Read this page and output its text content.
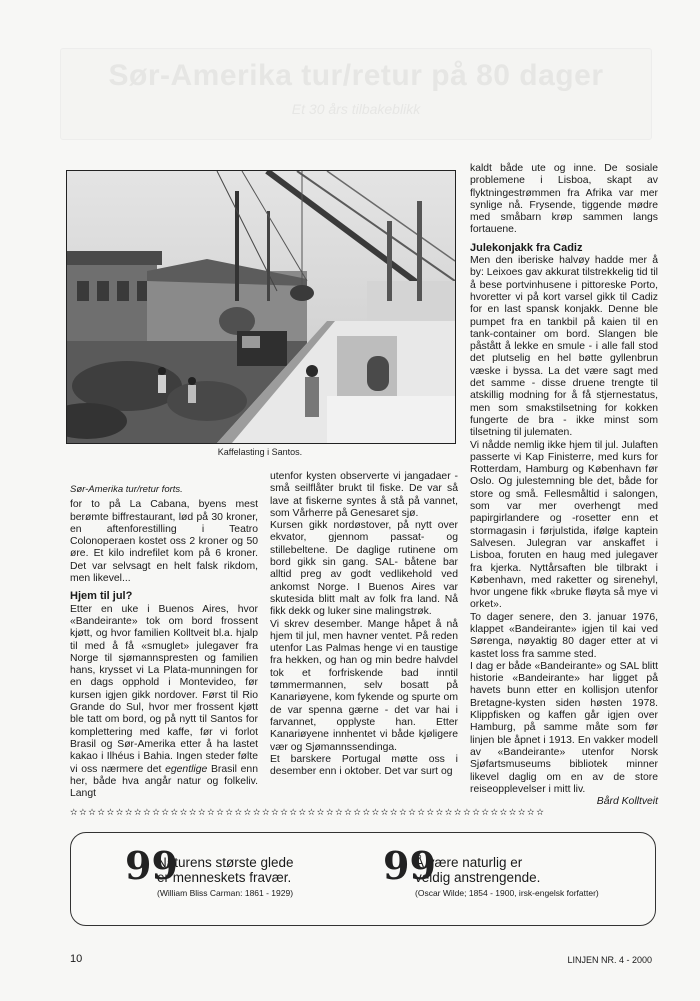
Sør-Amerika tur/retur på 80 dager
Et 30 års tilbakeblikk
Kaffelasting i Santos.

Sør-Amerika tur/retur forts.

for to på La Cabana, byens mest berømte biffrestaurant, lød på 30 kroner, en aftenforestilling i Teatro Colonoperaen kostet oss 2 kroner og 50 øre. Et kilo indrefilet kom på 6 kroner. Det var selvsagt en helt falsk rikdom, men likevel...

Hjem til jul?

Etter en uke i Buenos Aires, hvor «Bandeirante» tok om bord frossent kjøtt, og hvor familien Kolltveit bl.a. hjalp til med å få «smuglet» julegaver fra Norge til sjømannspresten og familien hans, krysset vi La Plata-munningen for en dags opphold i Montevideo, før kursen igjen gikk nordover. Først til Rio Grande do Sul, hvor mer frossent kjøtt ble tatt om bord, og på nytt til Santos for komplettering med kaffe, før vi forlot Brasil og Sør-Amerika etter å ha lastet kakao i Ilhéus i Bahia. Ingen steder følte vi oss nærmere det egentlige Brasil enn her, både hva angår natur og folkeliv. Langt

utenfor kysten observerte vi jangadaer - små seilflåter brukt til fiske. De var så lave at fiskerne syntes å stå på vannet, som Vårherre på Genesaret sjø.

Kursen gikk nordøstover, på nytt over ekvator, gjennom passat- og stillebeltene. De daglige rutinene om bord gikk sin gang. SAL- båtene bar alltid preg av godt vedlikehold ved ankomst Norge. I Buenos Aires var skutesida blitt malt av folk fra land. Nå fikk dekk og luker sine malingstrøk.

Vi skrev desember. Mange håpet å nå hjem til jul, men havner ventet. På reden utenfor Las Palmas henge vi en taustige fra hekken, og han og min bedre halvdel tok et forfriskende bad inntil tømmermannen, selv bosatt på Kanariøyene, kom fykende og spurte om de var spenna gærne - det var hai i farvannet, opplyste han. Etter Kanariøyene innhentet vi både kjøligere vær og Sjømannssendinga.

Et barskere Portugal møtte oss i desember enn i oktober. Det var surt og

kaldt både ute og inne. De sosiale problemene i Lisboa, skapt av flyktningestrømmen fra Afrika var mer synlige nå. Frysende, tiggende mødre med småbarn krøp sammen langs fortauene.

Julekonjakk fra Cadiz

Men den iberiske halvøy hadde mer å by: Leixoes gav akkurat tilstrekkelig tid til å bese portvinhusene i pittoreske Porto, hvoretter vi på kort varsel gikk til Cadiz for en last spansk konjakk. Denne ble pumpet fra en tankbil på kaien til en tank-container om bord. Slangen ble påstått å lekke en smule - i alle fall stod det plutselig en hel bøtte gyllenbrun væske i byssa. La det være sagt med det samme - disse druene trengte til atskillig modning for å få stjernestatus, men som smakstilsetning for kokken fungerte de bra - ikke minst som tilsetning til julematen.

Vi nådde nemlig ikke hjem til jul. Julaften passerte vi Kap Finisterre, med kurs for Rotterdam, Hamburg og København før Oslo. Og julestemning ble det, både for store og små. Fellesmåltid i salongen, som var mer overhengt med papirgirlandere og -rosetter enn et stormagasin i førjulstida, ifølge kaptein Salvesen. Julegran var anskaffet i Lisboa, foruten en haug med julegaver fra kjerka. Nyttårsaften ble tilbrakt i København, med raketter og sirenehyl, hvor ungene fikk «bruke fløyta så mye vi orket».

To dager senere, den 3. januar 1976, klappet «Bandeirante» igjen til kai ved Sørenga, nøyaktig 80 dager etter at vi kastet loss fra samme sted.

I dag er både «Bandeirante» og SAL blitt historie «Bandeirante» har ligget på havets bunn etter en kollisjon utenfor Bretagne-kysten siden høsten 1978. Klippfisken og kaffen går igjen over Hamburg, på samme måte som før linjen ble åpnet i 1913. En vakker modell av «Bandeirante» utenfor Norsk Sjøfartsmuseums bibliotek minner likevel daglig om en av de store reiseopplevelser i mitt liv.

Bård Kolltveit

✫✫✫✫✫✫✫✫✫✫✫✫✫✫✫✫✫✫✫✫✫✫✫✫✫✫✫✫✫✫✫✫✫✫✫✫✫✫✫✫✫✫✫✫✫✫✫✫✫✫✫✫
99
Naturens største glede
er menneskets fravær.
(William Bliss Carman: 1861 - 1929)
99
Å være naturlig er
veldig anstrengende.
(Oscar Wilde; 1854 - 1900, irsk-engelsk forfatter)
10	LINJEN NR. 4 - 2000
